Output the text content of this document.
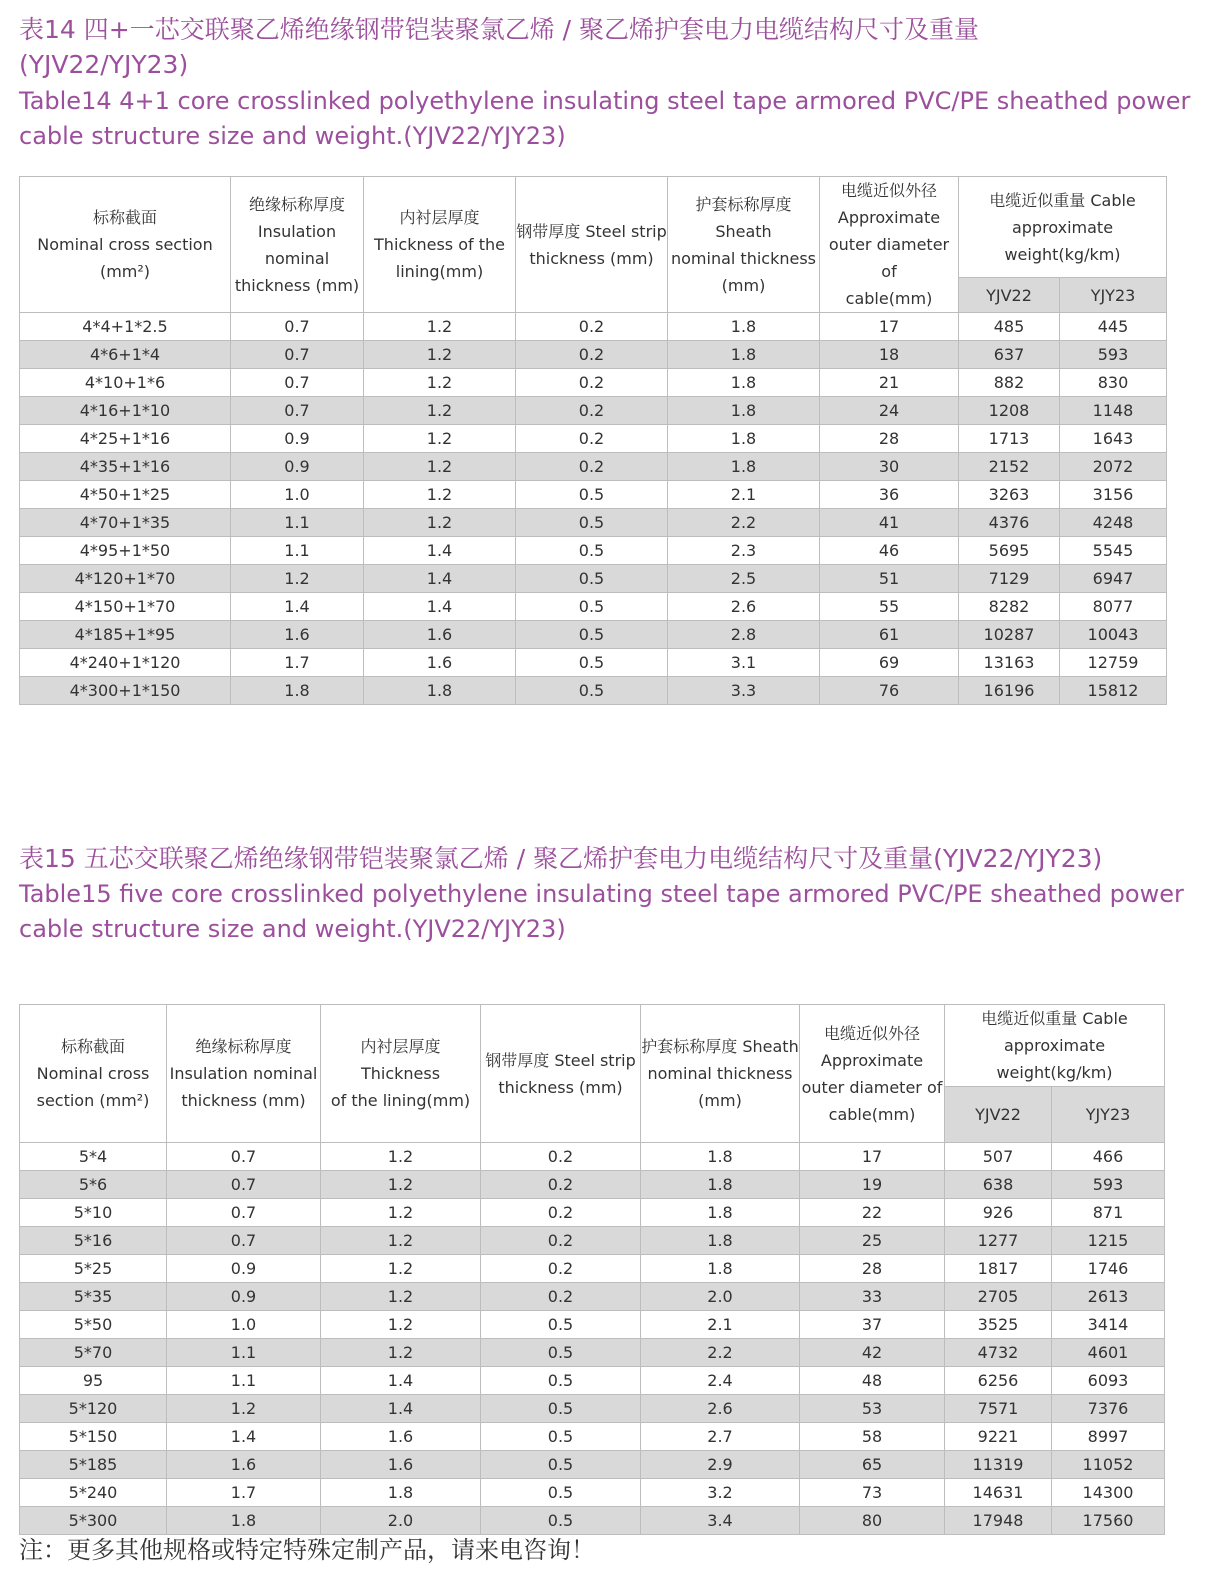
表14 四+一芯交联聚乙烯绝缘钢带铠装聚氯乙烯 / 聚乙烯护套电力电缆结构尺寸及重量
(YJV22/YJY23)
Table14 4+1 core crosslinked polyethylene insulating steel tape armored PVC/PE sheathed power
cable structure size and weight.(YJV22/YJY23)
标称截面
Nominal cross section
(mm²)	绝缘标称厚度
Insulation
nominal
thickness (mm)	内衬层厚度
Thickness of the
lining(mm)	钢带厚度 Steel strip
thickness (mm)	护套标称厚度 Sheath
nominal thickness
(mm)	电缆近似外径
Approximate
outer diameter of
cable(mm)	电缆近似重量 Cable
approximate
weight(kg/km)	

						YJV22	YJY23
4*4+1*2.5	0.7	1.2	0.2	1.8	17	485	445
4*6+1*4	0.7	1.2	0.2	1.8	18	637	593
4*10+1*6	0.7	1.2	0.2	1.8	21	882	830
4*16+1*10	0.7	1.2	0.2	1.8	24	1208	1148
4*25+1*16	0.9	1.2	0.2	1.8	28	1713	1643
4*35+1*16	0.9	1.2	0.2	1.8	30	2152	2072
4*50+1*25	1.0	1.2	0.5	2.1	36	3263	3156
4*70+1*35	1.1	1.2	0.5	2.2	41	4376	4248
4*95+1*50	1.1	1.4	0.5	2.3	46	5695	5545
4*120+1*70	1.2	1.4	0.5	2.5	51	7129	6947
4*150+1*70	1.4	1.4	0.5	2.6	55	8282	8077
4*185+1*95	1.6	1.6	0.5	2.8	61	10287	10043
4*240+1*120	1.7	1.6	0.5	3.1	69	13163	12759
4*300+1*150	1.8	1.8	0.5	3.3	76	16196	15812
表15 五芯交联聚乙烯绝缘钢带铠装聚氯乙烯 / 聚乙烯护套电力电缆结构尺寸及重量(YJV22/YJY23)
Table15 five core crosslinked polyethylene insulating steel tape armored PVC/PE sheathed power
cable structure size and weight.(YJV22/YJY23)
标称截面
Nominal cross
section (mm²)	绝缘标称厚度
Insulation nominal
thickness (mm)	内衬层厚度 Thickness
of the lining(mm)	钢带厚度 Steel strip
thickness (mm)	护套标称厚度 Sheath
nominal thickness
(mm)	电缆近似外径
Approximate
outer diameter of
cable(mm)	电缆近似重量 Cable
approximate weight(kg/km)	

						YJV22	YJY23
5*4	0.7	1.2	0.2	1.8	17	507	466
5*6	0.7	1.2	0.2	1.8	19	638	593
5*10	0.7	1.2	0.2	1.8	22	926	871
5*16	0.7	1.2	0.2	1.8	25	1277	1215
5*25	0.9	1.2	0.2	1.8	28	1817	1746
5*35	0.9	1.2	0.2	2.0	33	2705	2613
5*50	1.0	1.2	0.5	2.1	37	3525	3414
5*70	1.1	1.2	0.5	2.2	42	4732	4601
95	1.1	1.4	0.5	2.4	48	6256	6093
5*120	1.2	1.4	0.5	2.6	53	7571	7376
5*150	1.4	1.6	0.5	2.7	58	9221	8997
5*185	1.6	1.6	0.5	2.9	65	11319	11052
5*240	1.7	1.8	0.5	3.2	73	14631	14300
5*300	1.8	2.0	0.5	3.4	80	17948	17560
注：更多其他规格或特定特殊定制产品，请来电咨询！
